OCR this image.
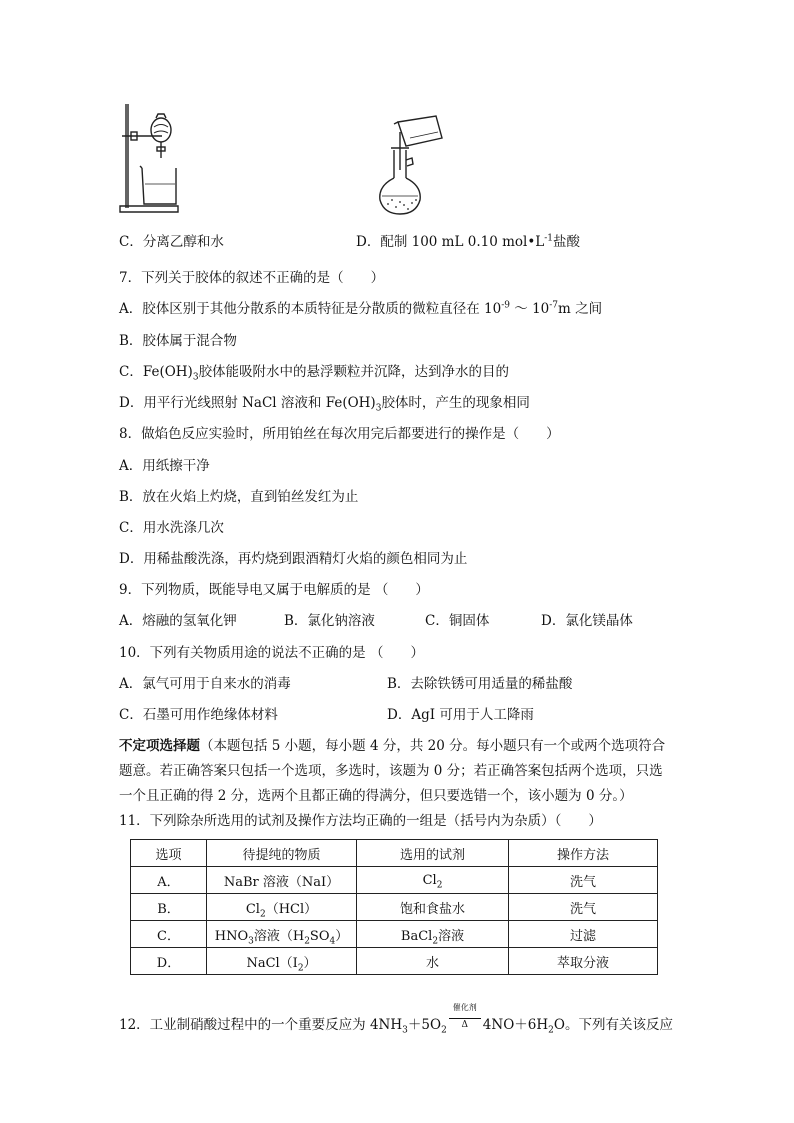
C．分离乙醇和水	D．配制 100 mL 0.10 $mol•L^{-1}$盐酸
7．下列关于胶体的叙述不正确的是（　　）
A．胶体区别于其他分散系的本质特征是分散质的微粒直径在 $10^{-9}$ ～ $10^{-7}m$ 之间
B．胶体属于混合物
C．$Fe(OH)_3$胶体能吸附水中的悬浮颗粒并沉降，达到净水的目的
D．用平行光线照射 NaCl 溶液和 $Fe(OH)_3$胶体时，产生的现象相同
8．做焰色反应实验时，所用铂丝在每次用完后都要进行的操作是（　　）
A．用纸擦干净
B．放在火焰上灼烧，直到铂丝发红为止
C．用水洗涤几次
D．用稀盐酸洗涤，再灼烧到跟酒精灯火焰的颜色相同为止
9．下列物质，既能导电又属于电解质的是 （　　）
A．熔融的氢氧化钾	B．氯化钠溶液	C．铜固体	D．氯化镁晶体
10．下列有关物质用途的说法不正确的是 （　　）
A．氯气可用于自来水的消毒	B．去除铁锈可用适量的稀盐酸
C．石墨可用作绝缘体材料	D．AgI 可用于人工降雨
不定项选择题（本题包括 5 小题，每小题 4 分，共 20 分。每小题只有一个或两个选项符合
题意。若正确答案只包括一个选项，多选时，该题为 0 分；若正确答案包括两个选项，只选
一个且正确的得 2 分，选两个且都正确的得满分，但只要选错一个，该小题为 0 分。）
11．下列除杂所选用的试剂及操作方法均正确的一组是（括号内为杂质）（　　）
选项	待提纯的物质	选用的试剂	操作方法
A．	NaBr 溶液（NaI）	$Cl_2$	洗气
B．	$Cl_2(HCl)$	饱和食盐水	洗气
C．	$HNO_3$溶液$(H_2SO_4)$	BaCl$_2$溶液	过滤
D．	$NaCl(I_2)$	水	萃取分液
12．工业制硝酸过程中的一个重要反应为 $4NH_3+5O_2$
催化剂
Δ	$4NO+6H_2O$。下列有关该反应
